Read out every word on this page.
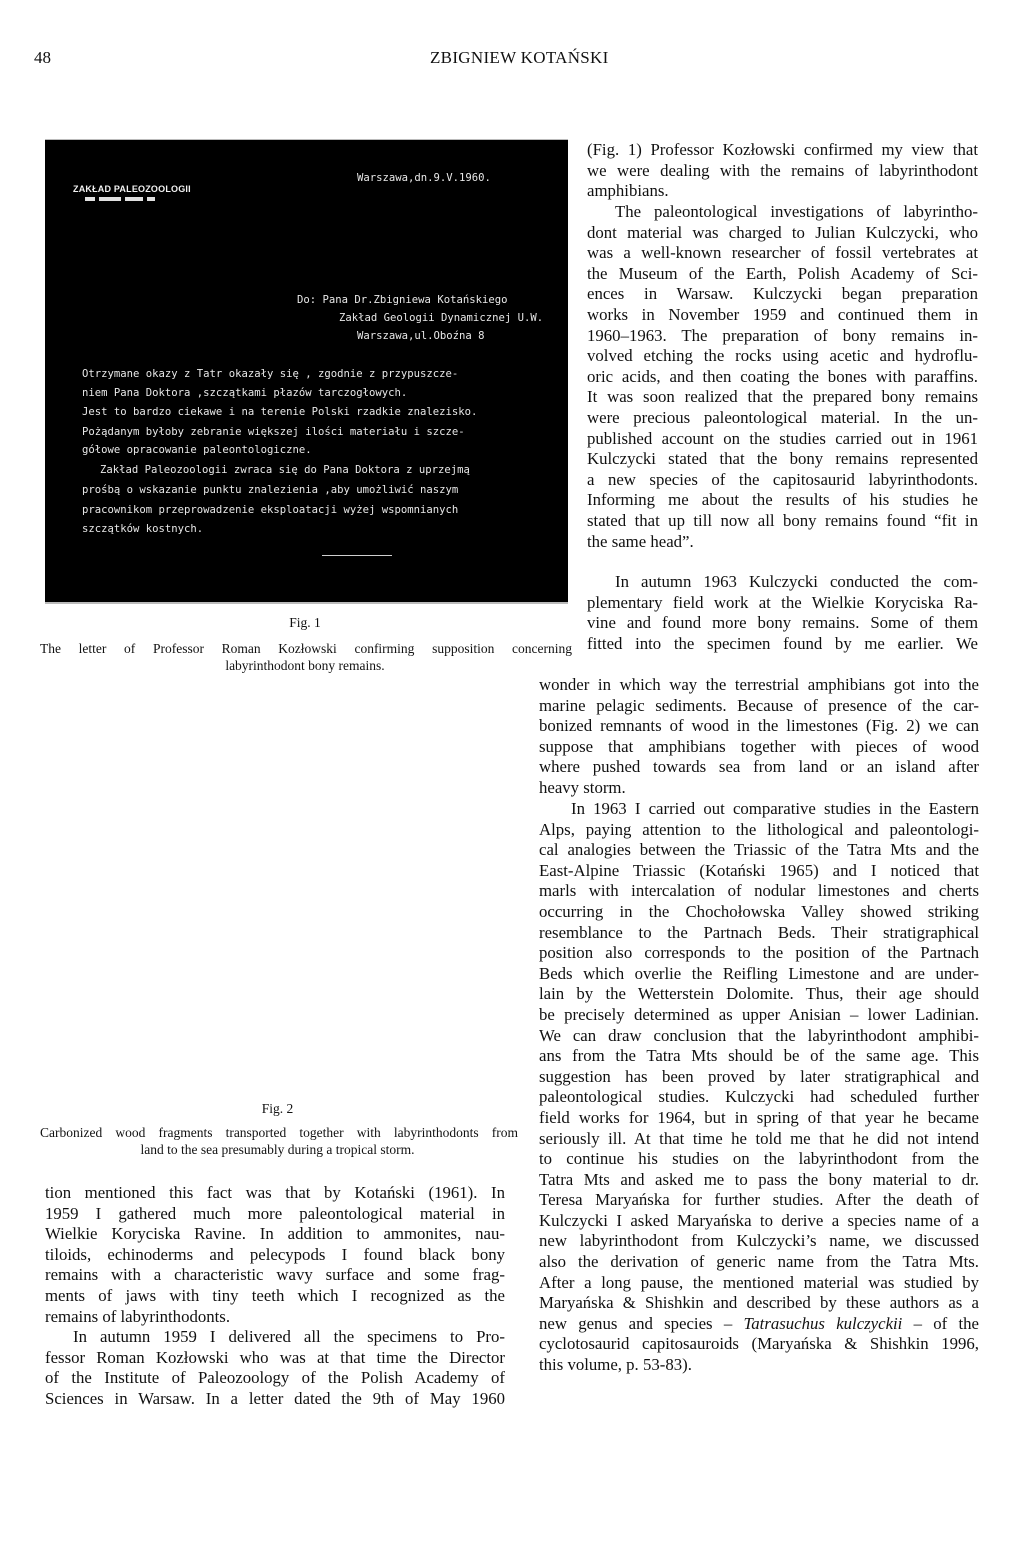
48	ZBIGNIEW KOTAŃSKI
ZAKŁAD PALEOZOOLOGII
Warszawa,dn.9.V.1960.
Do: Pana Dr.Zbigniewa Kotańskiego
Zakład Geologii Dynamicznej U.W.
Warszawa,ul.Oboźna 8
Otrzymane okazy z Tatr okazały się , zgodnie z przypuszcze-
niem Pana Doktora ,szczątkami płazów tarczogłowych.
Jest to bardzo ciekawe i na terenie Polski rzadkie znalezisko.
Pożądanym byłoby zebranie większej ilości materiału i szcze-
gółowe opracowanie paleontologiczne.
Zakład Paleozoologii zwraca się do Pana Doktora z uprzejmą
prośbą o wskazanie punktu znalezienia ,aby umożliwić naszym
pracownikom przeprowadzenie eksploatacji wyżej wspomnianych
szczątków kostnych.
Fig. 1
The letter of Professor Roman Kozłowski confirming supposition concerning
labyrinthodont bony remains.
Fig. 2
Carbonized wood fragments transported together with labyrinthodonts from
land to the sea presumably during a tropical storm.
tion mentioned this fact was that by Kotański (1961). In
1959 I gathered much more paleontological material in
Wielkie Koryciska Ravine. In addition to ammonites, nau-
tiloids, echinoderms and pelecypods I found black bony
remains with a characteristic wavy surface and some frag-
ments of jaws with tiny teeth which I recognized as the
remains of labyrinthodonts.
In autumn 1959 I delivered all the specimens to Pro-
fessor Roman Kozłowski who was at that time the Director
of the Institute of Paleozoology of the Polish Academy of
Sciences in Warsaw. In a letter dated the 9th of May 1960
(Fig. 1) Professor Kozłowski confirmed my view that
we were dealing with the remains of labyrinthodont
amphibians.
The paleontological investigations of labyrintho-
dont material was charged to Julian Kulczycki, who
was a well-known researcher of fossil vertebrates at
the Museum of the Earth, Polish Academy of Sci-
ences in Warsaw. Kulczycki began preparation
works in November 1959 and continued them in
1960–1963. The preparation of bony remains in-
volved etching the rocks using acetic and hydroflu-
oric acids, and then coating the bones with paraffins.
It was soon realized that the prepared bony remains
were precious paleontological material. In the un-
published account on the studies carried out in 1961
Kulczycki stated that the bony remains represented
a new species of the capitosaurid labyrinthodonts.
Informing me about the results of his studies he
stated that up till now all bony remains found “fit in
the same head”.
In autumn 1963 Kulczycki conducted the com-
plementary field work at the Wielkie Koryciska Ra-
vine and found more bony remains. Some of them
fitted into the specimen found by me earlier. We
wonder in which way the terrestrial amphibians got into the
marine pelagic sediments. Because of presence of the car-
bonized remnants of wood in the limestones (Fig. 2) we can
suppose that amphibians together with pieces of wood
where pushed towards sea from land or an island after
heavy storm.
In 1963 I carried out comparative studies in the Eastern
Alps, paying attention to the lithological and paleontologi-
cal analogies between the Triassic of the Tatra Mts and the
East-Alpine Triassic (Kotański 1965) and I noticed that
marls with intercalation of nodular limestones and cherts
occurring in the Chochołowska Valley showed striking
resemblance to the Partnach Beds. Their stratigraphical
position also corresponds to the position of the Partnach
Beds which overlie the Reifling Limestone and are under-
lain by the Wetterstein Dolomite. Thus, their age should
be precisely determined as upper Anisian – lower Ladinian.
We can draw conclusion that the labyrinthodont amphibi-
ans from the Tatra Mts should be of the same age. This
suggestion has been proved by later stratigraphical and
paleontological studies. Kulczycki had scheduled further
field works for 1964, but in spring of that year he became
seriously ill. At that time he told me that he did not intend
to continue his studies on the labyrinthodont from the
Tatra Mts and asked me to pass the bony material to dr.
Teresa Maryańska for further studies. After the death of
Kulczycki I asked Maryańska to derive a species name of a
new labyrinthodont from Kulczycki’s name, we discussed
also the derivation of generic name from the Tatra Mts.
After a long pause, the mentioned material was studied by
Maryańska & Shishkin and described by these authors as a
new genus and species – Tatrasuchus kulczyckii – of the
cyclotosaurid capitosauroids (Maryańska & Shishkin 1996,
this volume, p. 53-83).
